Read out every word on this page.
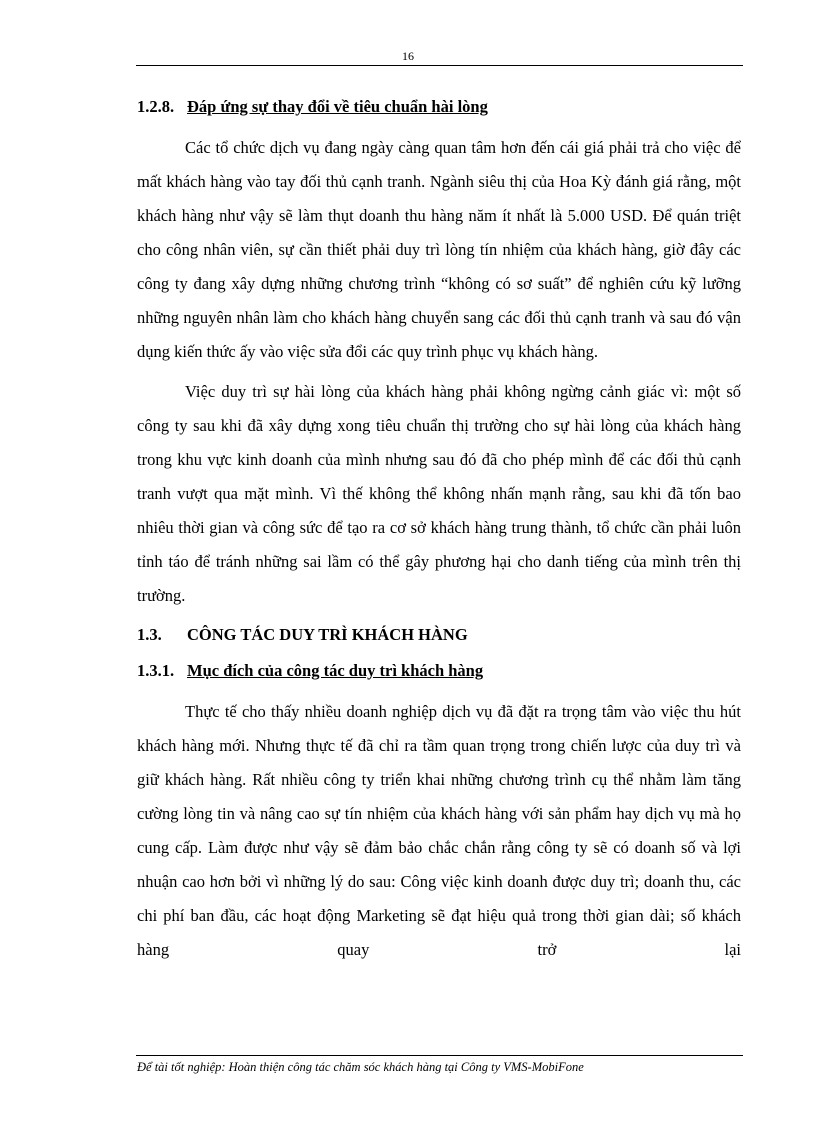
16
1.2.8. Đáp ứng sự thay đổi về tiêu chuẩn hài lòng

Các tổ chức dịch vụ đang ngày càng quan tâm hơn đến cái giá phải trả cho việc để mất khách hàng vào tay đối thủ cạnh tranh. Ngành siêu thị của Hoa Kỳ đánh giá rằng, một khách hàng như vậy sẽ làm thụt doanh thu hàng năm ít nhất là 5.000 USD. Để quán triệt cho công nhân viên, sự cần thiết phải duy trì lòng tín nhiệm của khách hàng, giờ đây các công ty đang xây dựng những chương trình “không có sơ suất” để nghiên cứu kỹ lưỡng những nguyên nhân làm cho khách hàng chuyển sang các đối thủ cạnh tranh và sau đó vận dụng kiến thức ấy vào việc sửa đổi các quy trình phục vụ khách hàng.

Việc duy trì sự hài lòng của khách hàng phải không ngừng cảnh giác vì: một số công ty sau khi đã xây dựng xong tiêu chuẩn thị trường cho sự hài lòng của khách hàng trong khu vực kinh doanh của mình nhưng sau đó đã cho phép mình để các đối thủ cạnh tranh vượt qua mặt mình. Vì thế không thể không nhấn mạnh rằng, sau khi đã tốn bao nhiêu thời gian và công sức để tạo ra cơ sở khách hàng trung thành, tổ chức cần phải luôn tỉnh táo để tránh những sai lầm có thể gây phương hại cho danh tiếng của mình trên thị trường.

1.3. CÔNG TÁC DUY TRÌ KHÁCH HÀNG
1.3.1. Mục đích của công tác duy trì khách hàng

Thực tế cho thấy nhiều doanh nghiệp dịch vụ đã đặt ra trọng tâm vào việc thu hút khách hàng mới. Nhưng thực tế đã chỉ ra tầm quan trọng trong chiến lược của duy trì và giữ khách hàng. Rất nhiều công ty triển khai những chương trình cụ thể nhằm làm tăng cường lòng tin và nâng cao sự tín nhiệm của khách hàng với sản phẩm hay dịch vụ mà họ cung cấp. Làm được như vậy sẽ đảm bảo chắc chắn rằng công ty sẽ có doanh số và lợi nhuận cao hơn bởi vì những lý do sau: Công việc kinh doanh được duy trì; doanh thu, các chi phí ban đầu, các hoạt động Marketing sẽ đạt hiệu quả trong thời gian dài; số khách hàng quay trở lại

Để tài tốt nghiệp: Hoàn thiện công tác chăm sóc khách hàng tại Công ty VMS-MobiFone
